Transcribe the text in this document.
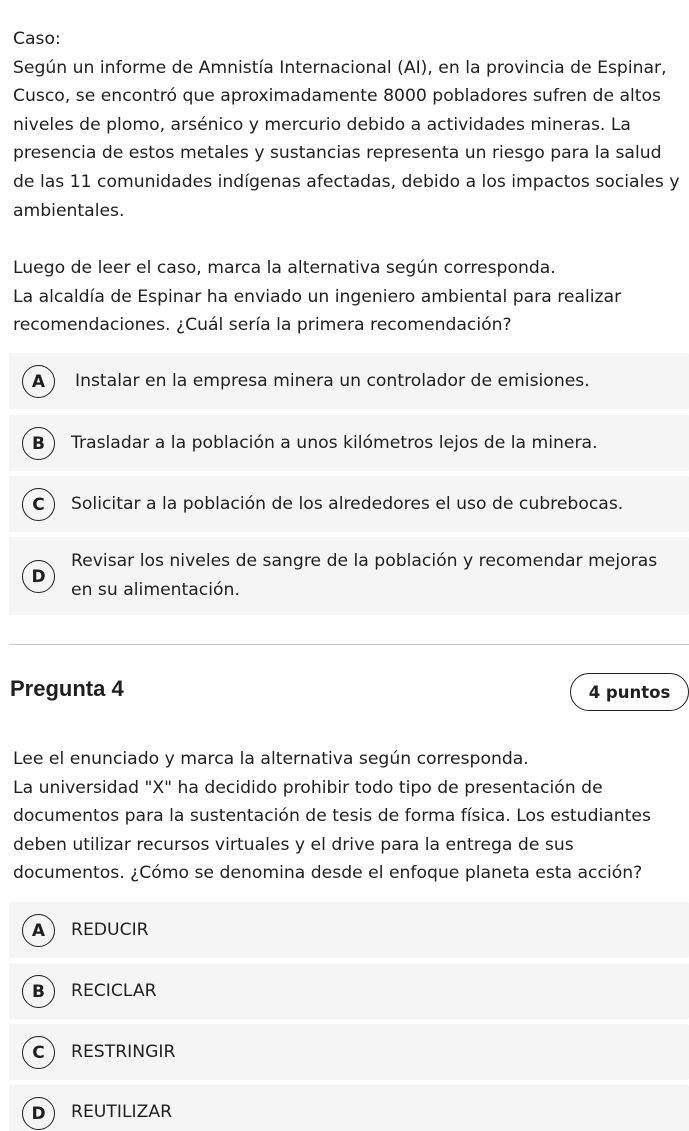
Caso:

Según un informe de Amnistía Internacional (AI), en la provincia de Espinar, Cusco, se encontró que aproximadamente 8000 pobladores sufren de altos niveles de plomo, arsénico y mercurio debido a actividades mineras. La presencia de estos metales y sustancias representa un riesgo para la salud de las 11 comunidades indígenas afectadas, debido a los impactos sociales y ambientales.

Luego de leer el caso, marca la alternativa según corresponda.

La alcaldía de Espinar ha enviado un ingeniero ambiental para realizar recomendaciones. ¿Cuál sería la primera recomendación?

A	Instalar en la empresa minera un controlador de emisiones.
B	Trasladar a la población a unos kilómetros lejos de la minera.
C	Solicitar a la población de los alrededores el uso de cubrebocas.
D
Revisar los niveles de sangre de la población y recomendar mejoras en su alimentación.
Pregunta 4	4 puntos

Lee el enunciado y marca la alternativa según corresponda.

La universidad "X" ha decidido prohibir todo tipo de presentación de documentos para la sustentación de tesis de forma física. Los estudiantes deben utilizar recursos virtuales y el drive para la entrega de sus documentos. ¿Cómo se denomina desde el enfoque planeta esta acción?

A	REDUCIR
B	RECICLAR
C	RESTRINGIR
D	REUTILIZAR
